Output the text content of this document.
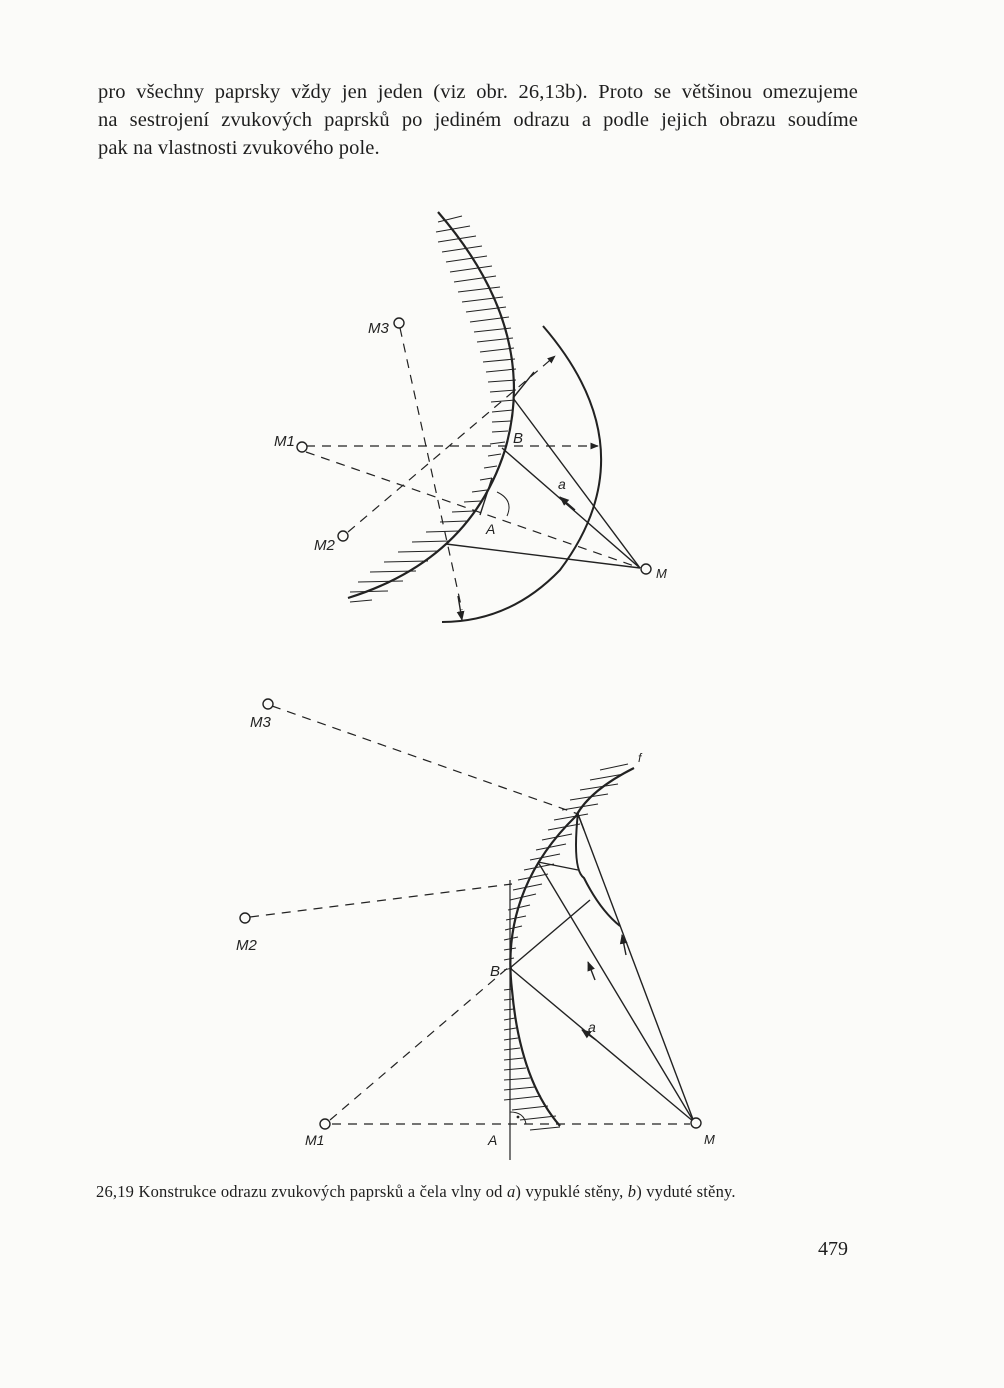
pro všechny paprsky vždy jen jeden (viz obr. 26,13b). Proto se většinou omezujeme
na sestrojení zvukových paprsků po jediném odrazu a podle jejich obrazu soudíme
pak na vlastnosti zvukového pole.
M3
M1
M2
B
A
a
M
M3
M2
M1
B
A
a
M
f
26,19 Konstrukce odrazu zvukových paprsků a čela vlny od a) vypuklé stěny, b) vyduté stěny.
479
